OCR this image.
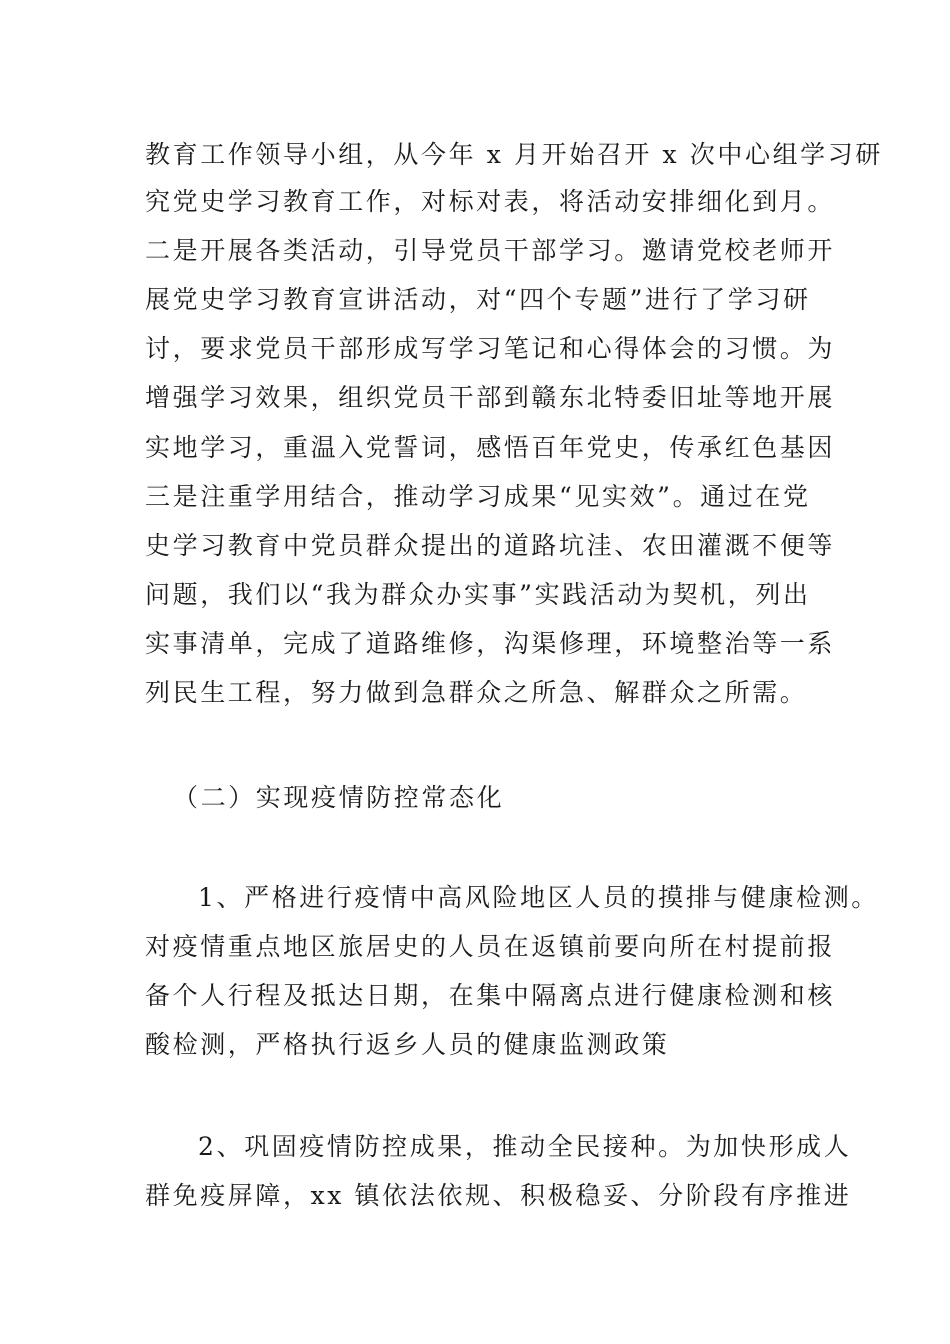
教育工作领导小组，从今年 x 月开始召开 x 次中心组学习研
究党史学习教育工作，对标对表，将活动安排细化到月。
二是开展各类活动，引导党员干部学习。邀请党校老师开
展党史学习教育宣讲活动，对“四个专题”进行了学习研
讨，要求党员干部形成写学习笔记和心得体会的习惯。为
增强学习效果，组织党员干部到赣东北特委旧址等地开展
实地学习，重温入党誓词，感悟百年党史，传承红色基因
三是注重学用结合，推动学习成果“见实效”。通过在党
史学习教育中党员群众提出的道路坑洼、农田灌溉不便等
问题，我们以“我为群众办实事”实践活动为契机，列出
实事清单，完成了道路维修，沟渠修理，环境整治等一系
列民生工程，努力做到急群众之所急、解群众之所需。
（二）实现疫情防控常态化
1、严格进行疫情中高风险地区人员的摸排与健康检测。
对疫情重点地区旅居史的人员在返镇前要向所在村提前报
备个人行程及抵达日期，在集中隔离点进行健康检测和核
酸检测，严格执行返乡人员的健康监测政策
2、巩固疫情防控成果，推动全民接种。为加快形成人
群免疫屏障，xx 镇依法依规、积极稳妥、分阶段有序推进
